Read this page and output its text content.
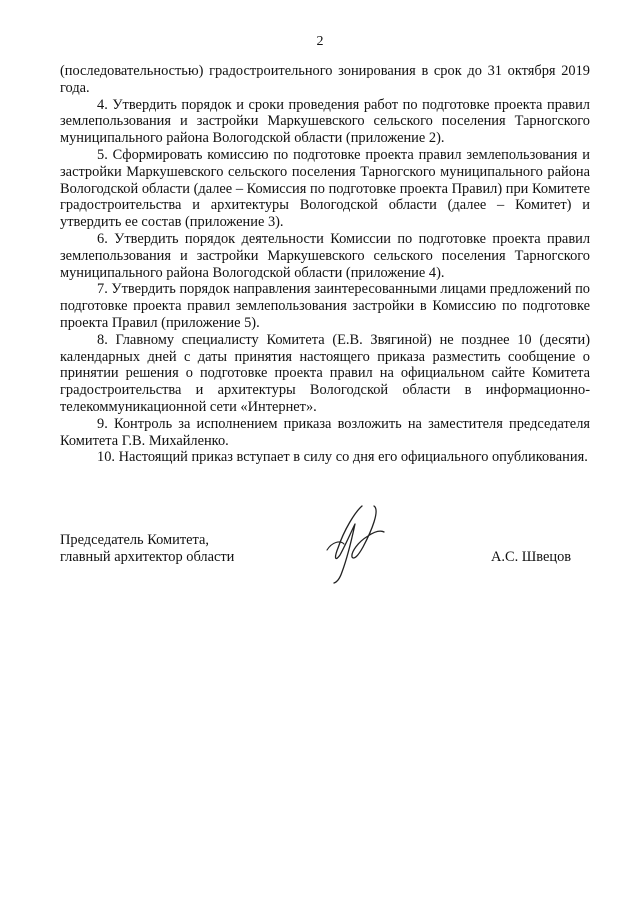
2

(последовательностью) градостроительного зонирования в срок до 31 октября 2019 года.

4. Утвердить порядок и сроки проведения работ по подготовке проекта правил землепользования и застройки Маркушевского сельского поселения Тарногского муниципального района Вологодской области (приложение 2).

5. Сформировать комиссию по подготовке проекта правил землепользования и застройки Маркушевского сельского поселения Тарногского муниципального района Вологодской области (далее – Комиссия по подготовке проекта Правил) при Комитете градостроительства и архитектуры Вологодской области (далее – Комитет) и утвердить ее состав (приложение 3).

6. Утвердить порядок деятельности Комиссии по подготовке проекта правил землепользования и застройки Маркушевского сельского поселения Тарногского муниципального района Вологодской области (приложение 4).

7. Утвердить порядок направления заинтересованными лицами предложений по подготовке проекта правил землепользования застройки в Комиссию по подготовке проекта Правил (приложение 5).

8. Главному специалисту Комитета (Е.В. Звягиной) не позднее 10 (десяти) календарных дней с даты принятия настоящего приказа разместить сообщение о принятии решения о подготовке проекта правил на официальном сайте Комитета градостроительства и архитектуры Вологодской области в информационно-телекоммуникационной сети «Интернет».

9. Контроль за исполнением приказа возложить на заместителя председателя Комитета Г.В. Михайленко.

10. Настоящий приказ вступает в силу со дня его официального опубликования.

Председатель Комитета,
главный архитектор области	А.С. Швецов
